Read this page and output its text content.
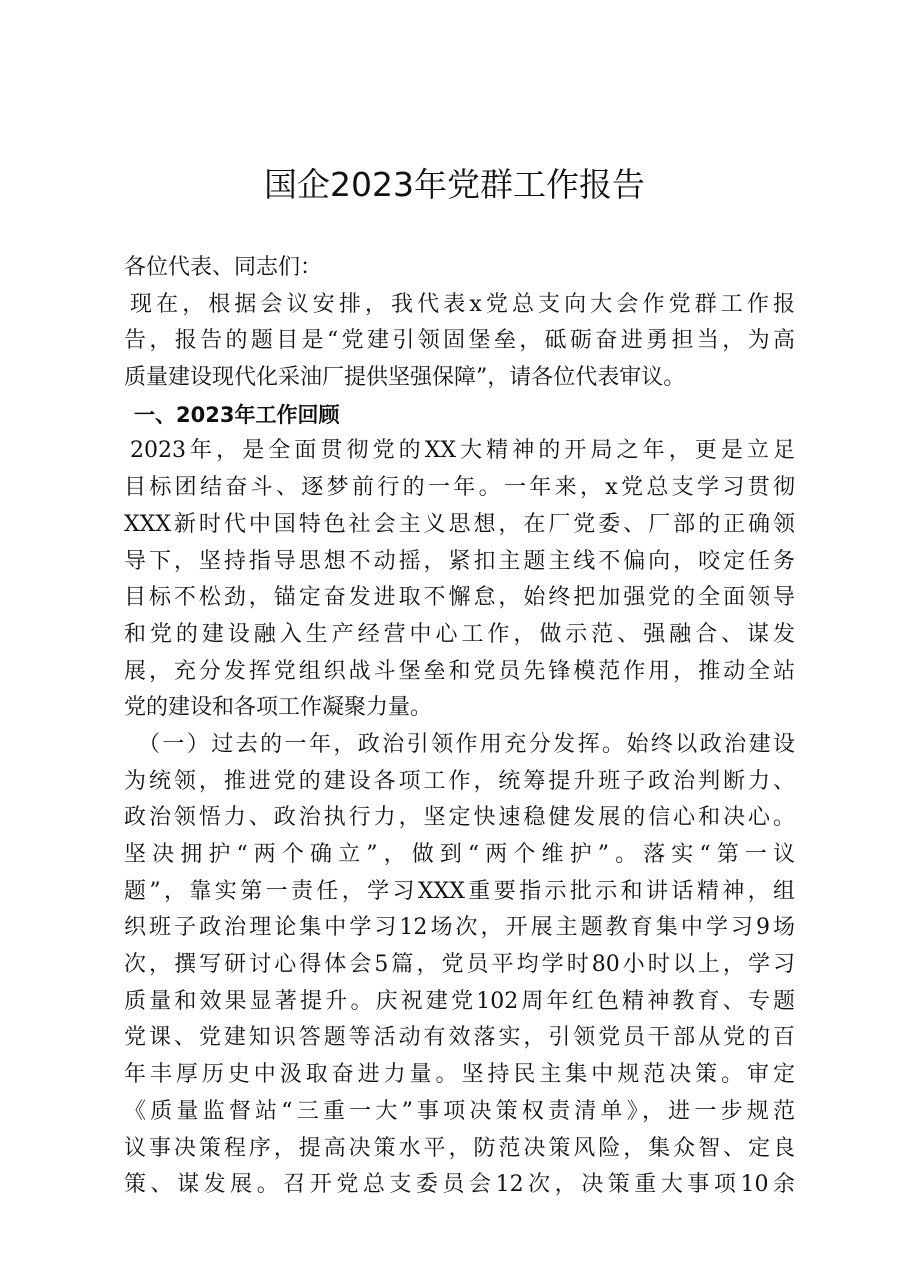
国企2023年党群工作报告
各位代表、同志们：
现在，根据会议安排，我代表x党总支向大会作党群工作报
告，报告的题目是“党建引领固堡垒，砥砺奋进勇担当，为高
质量建设现代化采油厂提供坚强保障”，请各位代表审议。
一、2023年工作回顾
2023年，是全面贯彻党的XX大精神的开局之年，更是立足
目标团结奋斗、逐梦前行的一年。一年来，x党总支学习贯彻
XXX新时代中国特色社会主义思想，在厂党委、厂部的正确领
导下，坚持指导思想不动摇，紧扣主题主线不偏向，咬定任务
目标不松劲，锚定奋发进取不懈怠，始终把加强党的全面领导
和党的建设融入生产经营中心工作，做示范、强融合、谋发
展，充分发挥党组织战斗堡垒和党员先锋模范作用，推动全站
党的建设和各项工作凝聚力量。
（一）过去的一年，政治引领作用充分发挥。始终以政治建设
为统领，推进党的建设各项工作，统筹提升班子政治判断力、
政治领悟力、政治执行力，坚定快速稳健发展的信心和决心。
坚决拥护“两个确立”，做到“两个维护”。落实“第一议
题”，靠实第一责任，学习XXX重要指示批示和讲话精神，组
织班子政治理论集中学习12场次，开展主题教育集中学习9场
次，撰写研讨心得体会5篇，党员平均学时80小时以上，学习
质量和效果显著提升。庆祝建党102周年红色精神教育、专题
党课、党建知识答题等活动有效落实，引领党员干部从党的百
年丰厚历史中汲取奋进力量。坚持民主集中规范决策。审定
《质量监督站“三重一大”事项决策权责清单》，进一步规范
议事决策程序，提高决策水平，防范决策风险，集众智、定良
策、谋发展。召开党总支委员会12次，决策重大事项10余
